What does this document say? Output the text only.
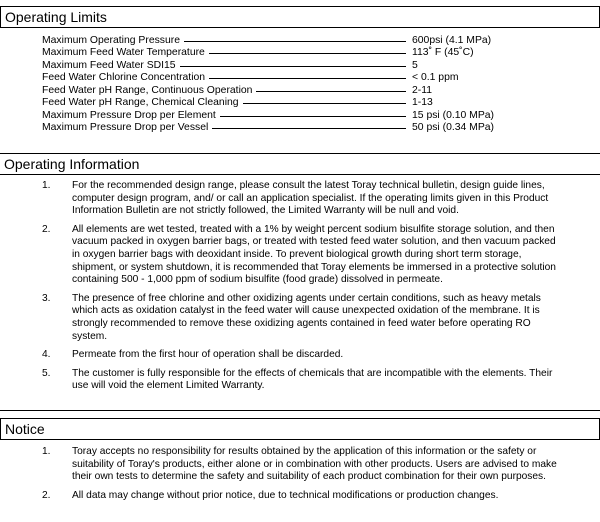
Operating Limits
Maximum Operating Pressure	600psi (4.1 MPa)
Maximum Feed Water Temperature	113˚ F (45˚C)
Maximum Feed Water SDI15	5
Feed Water Chlorine Concentration	< 0.1 ppm
Feed Water pH Range, Continuous Operation	2-11
Feed Water pH Range, Chemical Cleaning	1-13
Maximum Pressure Drop per Element	15 psi (0.10 MPa)
Maximum Pressure Drop per Vessel	50 psi (0.34 MPa)
Operating Information
1.	For the recommended design range, please consult the latest Toray technical bulletin, design guide lines, computer design program, and/ or call an application specialist. If the operating limits given in this Product Information Bulletin are not strictly followed, the Limited Warranty will be null and void.
2.	All elements are wet tested, treated with a 1% by weight percent sodium bisulfite storage solution, and then vacuum packed in oxygen barrier bags, or treated with tested feed water solution, and then vacuum packed in oxygen barrier bags with deoxidant inside. To prevent biological growth during short term storage, shipment, or system shutdown, it is recommended that Toray elements be immersed in a protective solution containing 500 - 1,000 ppm of sodium bisulfite (food grade) dissolved in permeate.
3.	The presence of free chlorine and other oxidizing agents under certain conditions, such as heavy metals which acts as oxidation catalyst in the feed water will cause unexpected oxidation of the membrane. It is strongly recommended to remove these oxidizing agents contained in feed water before operating RO system.
4.	Permeate from the first hour of operation shall be discarded.
5.	The customer is fully responsible for the effects of chemicals that are incompatible with the elements. Their use will void the element Limited Warranty.
Notice
1.	Toray accepts no responsibility for results obtained by the application of this information or the safety or suitability of Toray's products, either alone or in combination with other products. Users are advised to make their own tests to determine the safety and suitability of each product combination for their own purposes.
2.	All data may change without prior notice, due to technical modifications or production changes.
